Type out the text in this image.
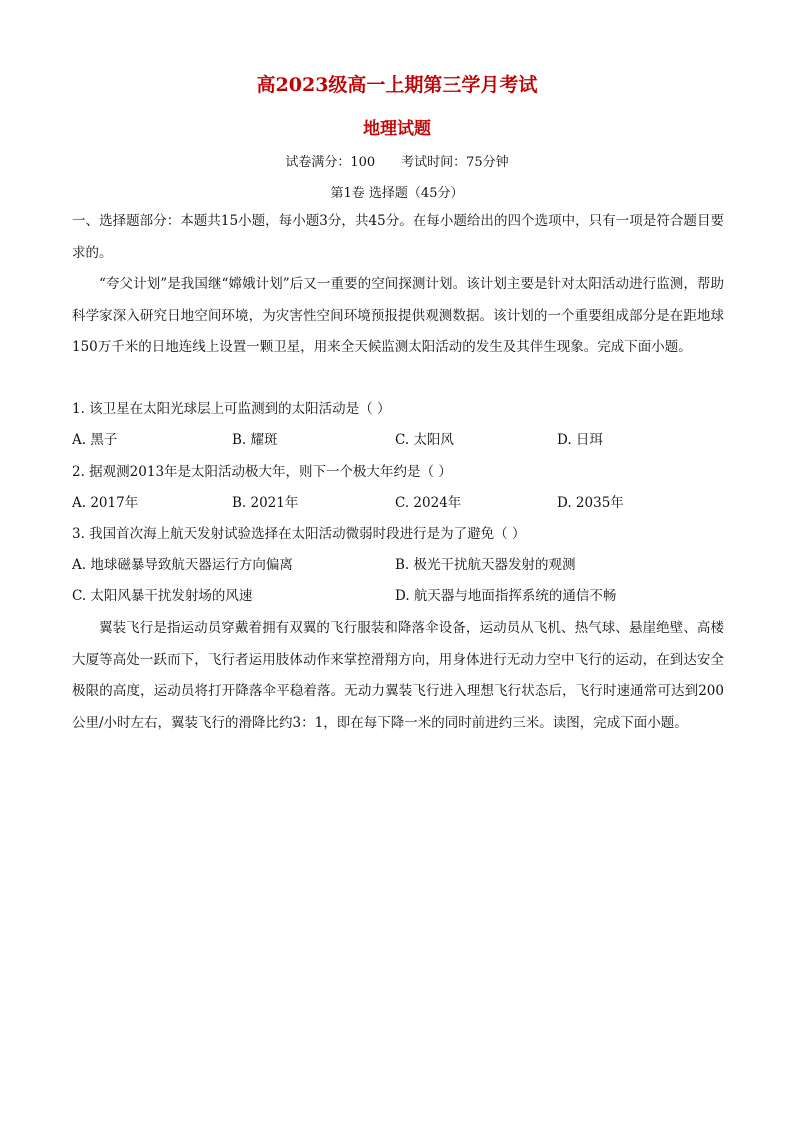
高2023级高一上期第三学月考试
地理试题
试卷满分：100 考试时间：75分钟
第1卷 选择题（45分）
一、选择题部分：本题共15小题，每小题3分，共45分。在每小题给出的四个选项中，只有一项是符合题目要求的。
“夸父计划”是我国继“嫦娥计划”后又一重要的空间探测计划。该计划主要是针对太阳活动进行监测，帮助科学家深入研究日地空间环境，为灾害性空间环境预报提供观测数据。该计划的一个重要组成部分是在距地球150万千米的日地连线上设置一颗卫星，用来全天候监测太阳活动的发生及其伴生现象。完成下面小题。
1. 该卫星在太阳光球层上可监测到的太阳活动是（ ）
A. 黑子	B. 耀斑	C. 太阳风	D. 日珥
2. 据观测2013年是太阳活动极大年，则下一个极大年约是（ ）
A. 2017年	B. 2021年	C. 2024年	D. 2035年
3. 我国首次海上航天发射试验选择在太阳活动微弱时段进行是为了避免（ ）
A. 地球磁暴导致航天器运行方向偏离	B. 极光干扰航天器发射的观测
C. 太阳风暴干扰发射场的风速	D. 航天器与地面指挥系统的通信不畅
翼装飞行是指运动员穿戴着拥有双翼的飞行服装和降落伞设备，运动员从飞机、热气球、悬崖绝壁、高楼大厦等高处一跃而下，飞行者运用肢体动作来掌控滑翔方向，用身体进行无动力空中飞行的运动，在到达安全极限的高度，运动员将打开降落伞平稳着落。无动力翼装飞行进入理想飞行状态后，飞行时速通常可达到200公里/小时左右，翼装飞行的滑降比约3：1，即在每下降一米的同时前进约三米。读图，完成下面小题。
